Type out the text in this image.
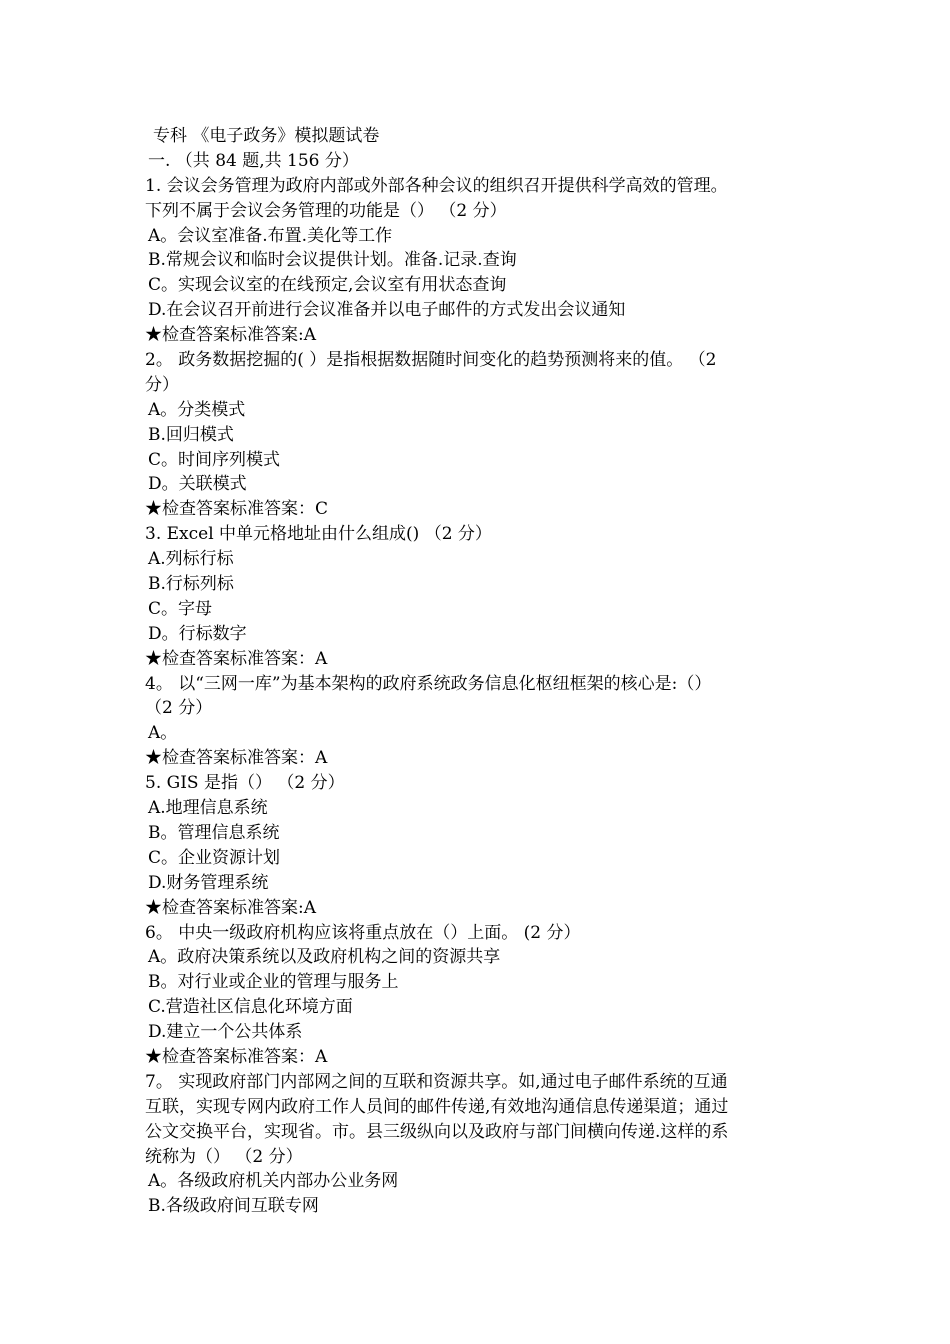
专科 《电子政务》模拟题试卷
一. （共 84 题,共 156 分）
1. 会议会务管理为政府内部或外部各种会议的组织召开提供科学高效的管理。
下列不属于会议会务管理的功能是（） （2 分）
A。会议室准备.布置.美化等工作
B.常规会议和临时会议提供计划。准备.记录.查询
C。实现会议室的在线预定,会议室有用状态查询
D.在会议召开前进行会议准备并以电子邮件的方式发出会议通知
★检查答案标准答案:A
2。 政务数据挖掘的( ）是指根据数据随时间变化的趋势预测将来的值。 （2
分）
A。分类模式
B.回归模式
C。时间序列模式
D。关联模式
★检查答案标准答案：C
3. Excel 中单元格地址由什么组成() （2 分）
A.列标行标
B.行标列标
C。字母
D。行标数字
★检查答案标准答案：A
4。 以“三网一库”为基本架构的政府系统政务信息化枢纽框架的核心是:（）
（2 分）
A。
★检查答案标准答案：A
5. GIS 是指（） （2 分）
A.地理信息系统
B。管理信息系统
C。企业资源计划
D.财务管理系统
★检查答案标准答案:A
6。 中央一级政府机构应该将重点放在（）上面。 (2 分）
A。政府决策系统以及政府机构之间的资源共享
B。对行业或企业的管理与服务上
C.营造社区信息化环境方面
D.建立一个公共体系
★检查答案标准答案：A
7。 实现政府部门内部网之间的互联和资源共享。如,通过电子邮件系统的互通
互联，实现专网内政府工作人员间的邮件传递,有效地沟通信息传递渠道；通过
公文交换平台，实现省。市。县三级纵向以及政府与部门间横向传递.这样的系
统称为（） （2 分）
A。各级政府机关内部办公业务网
B.各级政府间互联专网
